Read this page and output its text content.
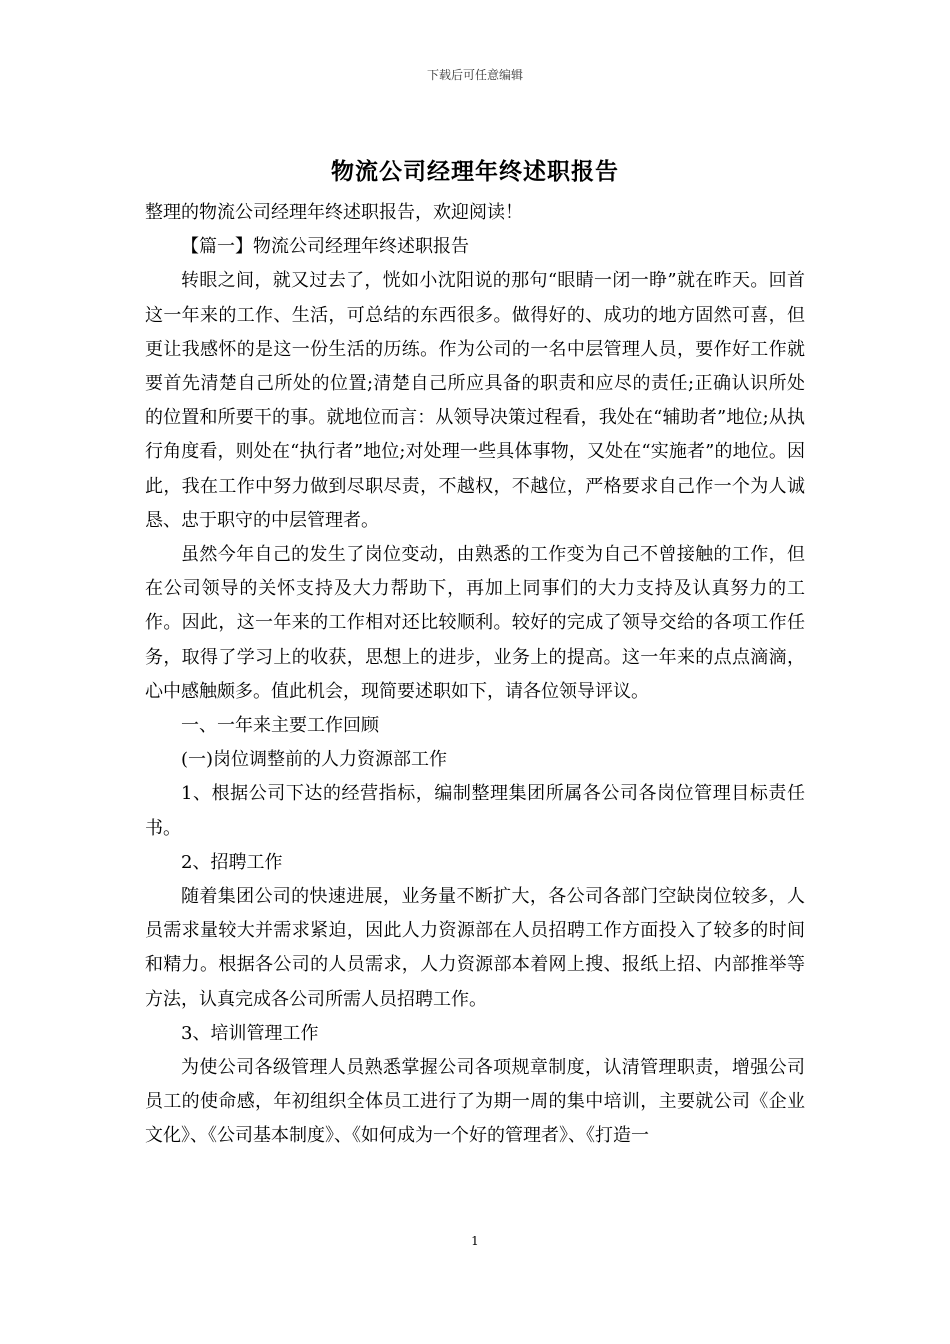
下载后可任意编辑
物流公司经理年终述职报告

整理的物流公司经理年终述职报告，欢迎阅读！

【篇一】物流公司经理年终述职报告

转眼之间，就又过去了，恍如小沈阳说的那句“眼睛一闭一睁”就在昨天。回首这一年来的工作、生活，可总结的东西很多。做得好的、成功的地方固然可喜，但更让我感怀的是这一份生活的历练。作为公司的一名中层管理人员，要作好工作就要首先清楚自己所处的位置;清楚自己所应具备的职责和应尽的责任;正确认识所处的位置和所要干的事。就地位而言：从领导决策过程看，我处在“辅助者”地位;从执行角度看，则处在“执行者”地位;对处理一些具体事物，又处在“实施者”的地位。因此，我在工作中努力做到尽职尽责，不越权，不越位，严格要求自己作一个为人诚恳、忠于职守的中层管理者。

虽然今年自己的发生了岗位变动，由熟悉的工作变为自己不曾接触的工作，但在公司领导的关怀支持及大力帮助下，再加上同事们的大力支持及认真努力的工作。因此，这一年来的工作相对还比较顺利。较好的完成了领导交给的各项工作任务，取得了学习上的收获，思想上的进步，业务上的提高。这一年来的点点滴滴，心中感触颇多。值此机会，现简要述职如下，请各位领导评议。

一、一年来主要工作回顾

(一)岗位调整前的人力资源部工作

1、根据公司下达的经营指标，编制整理集团所属各公司各岗位管理目标责任书。

2、招聘工作

随着集团公司的快速进展，业务量不断扩大，各公司各部门空缺岗位较多，人员需求量较大并需求紧迫，因此人力资源部在人员招聘工作方面投入了较多的时间和精力。根据各公司的人员需求，人力资源部本着网上搜、报纸上招、内部推举等方法，认真完成各公司所需人员招聘工作。

3、培训管理工作

为使公司各级管理人员熟悉掌握公司各项规章制度，认清管理职责，增强公司员工的使命感，年初组织全体员工进行了为期一周的集中培训，主要就公司《企业文化》、《公司基本制度》、《如何成为一个好的管理者》、《打造一

1
